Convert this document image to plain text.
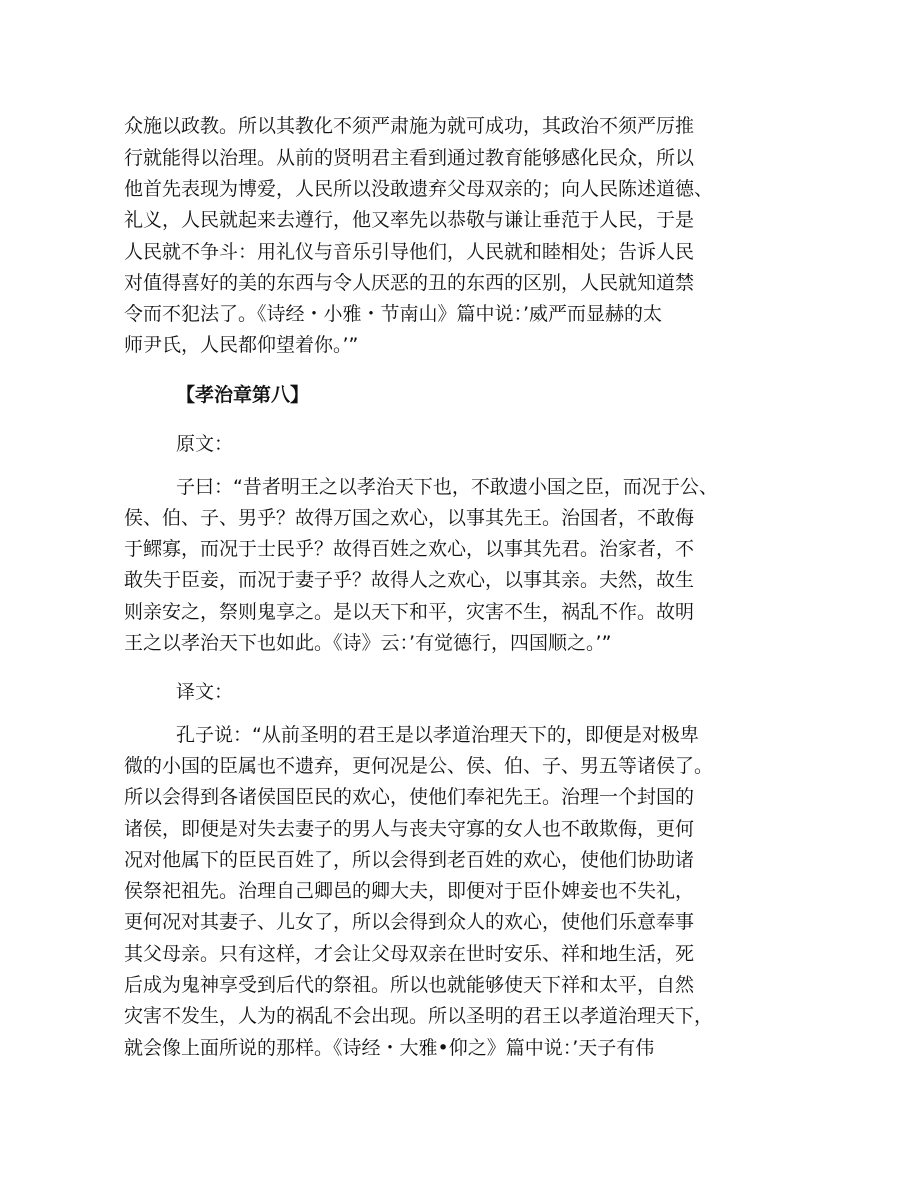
众施以政教。所以其教化不须严肃施为就可成功，其政治不须严厉推
行就能得以治理。从前的贤明君主看到通过教育能够感化民众，所以
他首先表现为博爱，人民所以没敢遗弃父母双亲的；向人民陈述道德、
礼义，人民就起来去遵行，他又率先以恭敬与谦让垂范于人民，于是
人民就不争斗：用礼仪与音乐引导他们，人民就和睦相处；告诉人民
对值得喜好的美的东西与令人厌恶的丑的东西的区别，人民就知道禁
令而不犯法了。《诗经・小雅・节南山》篇中说：’威严而显赫的太
师尹氏，人民都仰望着你。’”
【孝治章第八】
原文：
子曰：“昔者明王之以孝治天下也，不敢遗小国之臣，而况于公、
侯、伯、子、男乎？故得万国之欢心，以事其先王。治国者，不敢侮
于鳏寡，而况于士民乎？故得百姓之欢心，以事其先君。治家者，不
敢失于臣妾，而况于妻子乎？故得人之欢心，以事其亲。夫然，故生
则亲安之，祭则鬼享之。是以天下和平，灾害不生，祸乱不作。故明
王之以孝治天下也如此。《诗》云：’有觉德行，四国顺之。’”
译文：
孔子说：“从前圣明的君王是以孝道治理天下的，即便是对极卑
微的小国的臣属也不遗弃，更何况是公、侯、伯、子、男五等诸侯了。
所以会得到各诸侯国臣民的欢心，使他们奉祀先王。治理一个封国的
诸侯，即便是对失去妻子的男人与丧夫守寡的女人也不敢欺侮，更何
况对他属下的臣民百姓了，所以会得到老百姓的欢心，使他们协助诸
侯祭祀祖先。治理自己卿邑的卿大夫，即便对于臣仆婢妾也不失礼，
更何况对其妻子、儿女了，所以会得到众人的欢心，使他们乐意奉事
其父母亲。只有这样，才会让父母双亲在世时安乐、祥和地生活，死
后成为鬼神享受到后代的祭祖。所以也就能够使天下祥和太平，自然
灾害不发生，人为的祸乱不会出现。所以圣明的君王以孝道治理天下，
就会像上面所说的那样。《诗经・大雅•仰之》篇中说：’天子有伟
